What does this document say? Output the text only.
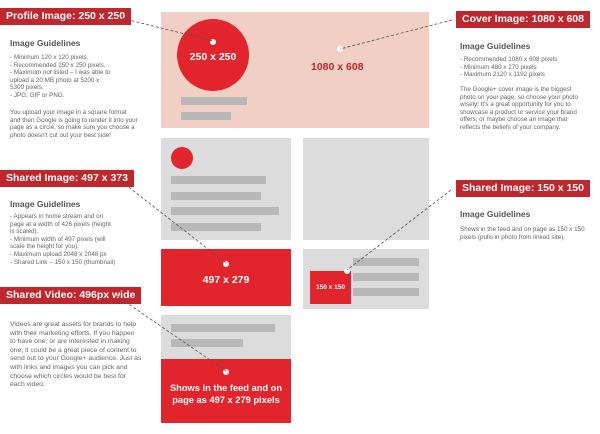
Profile Image: 250 x 250
Image Guidelines
- Minimum 120 x 120 pixels.
- Recommended 250 x 250 pixels.
- Maximum not listed – I was able to
upload a 20 MB photo at 5200 x
5300 pixels.
- JPG, GIF or PNG.

You upload your image in a square format and then Google is going to render it into your page as a circle, so make sure you choose a photo doesn't cut out your best side!

Shared Image: 497 x 373
Image Guidelines
- Appears in home stream and on
page at a width of 426 pixels (height
is scaled).
- Minimum width of 497 pixels (will
scale the height for you).
- Maximum upload 2048 x 2048 px
- Shared Link – 150 x 150 (thumbnail)
Shared Video: 496px wide

Videos are great assets for brands to help with their marketing efforts. If you happen to have one, or are interested in making one, it could be a great piece of content to send out to your Google+ audience. Just as with links and images you can pick and choose which circles would be best for each video.

Cover Image: 1080 x 608
Image Guidelines
- Recommended 1080 x 608 pixels
- Minimum 480 x 270 pixels
- Maximum 2120 x 1192 pixels

The Google+ cover image is the biggest photo on your page, so choose your photo wisely! It's a great opportunity for you to showcase a product or service your brand offers, or maybe choose an image that reflects the beliefs of your company.

Shared Image: 150 x 150
Image Guidelines

Shows in the feed and on page as 150 x 150 pixels (pulls in photo from linked site).

1080 x 608
250 x 250
497 x 279
Shows in the feed and on page as 497 x 279 pixels
150 x 150
